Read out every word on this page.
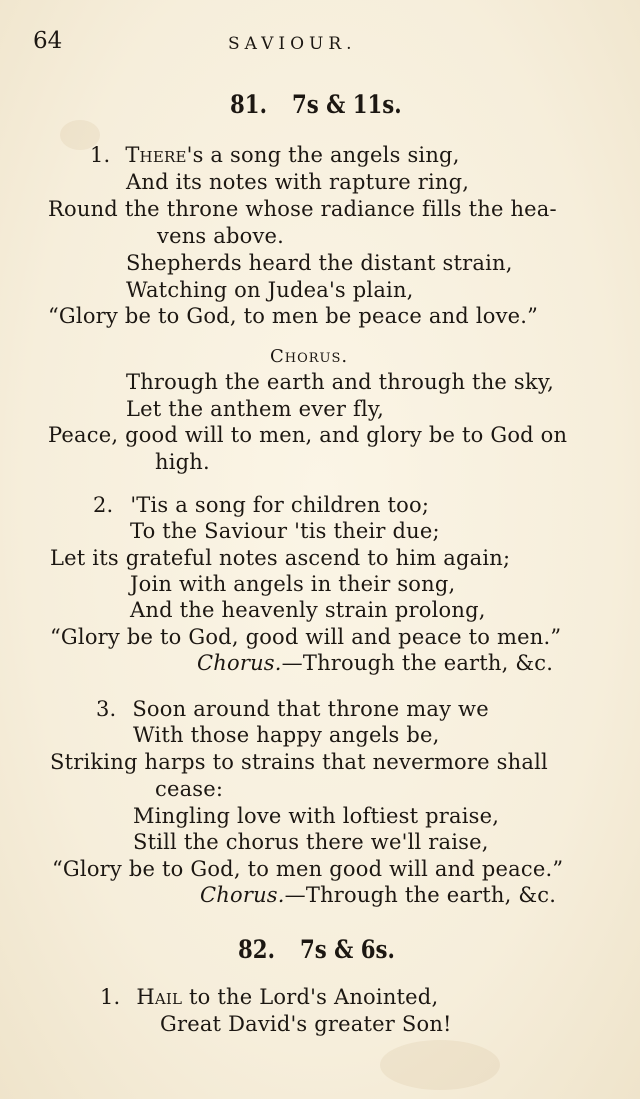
64	SAVIOUR.
81. 7s & 11s.
1. There's a song the angels sing,
And its notes with rapture ring,
Round the throne whose radiance fills the hea-
vens above.
Shepherds heard the distant strain,
Watching on Judea's plain,
“Glory be to God, to men be peace and love.”
Chorus.
Through the earth and through the sky,
Let the anthem ever fly,
Peace, good will to men, and glory be to God on
high.
2. 'Tis a song for children too;
To the Saviour 'tis their due;
Let its grateful notes ascend to him again;
Join with angels in their song,
And the heavenly strain prolong,
“Glory be to God, good will and peace to men.”
Chorus.—Through the earth, &c.
3. Soon around that throne may we
With those happy angels be,
Striking harps to strains that nevermore shall
cease:
Mingling love with loftiest praise,
Still the chorus there we'll raise,
“Glory be to God, to men good will and peace.”
Chorus.—Through the earth, &c.
82. 7s & 6s.
1. Hail to the Lord's Anointed,
Great David's greater Son!
